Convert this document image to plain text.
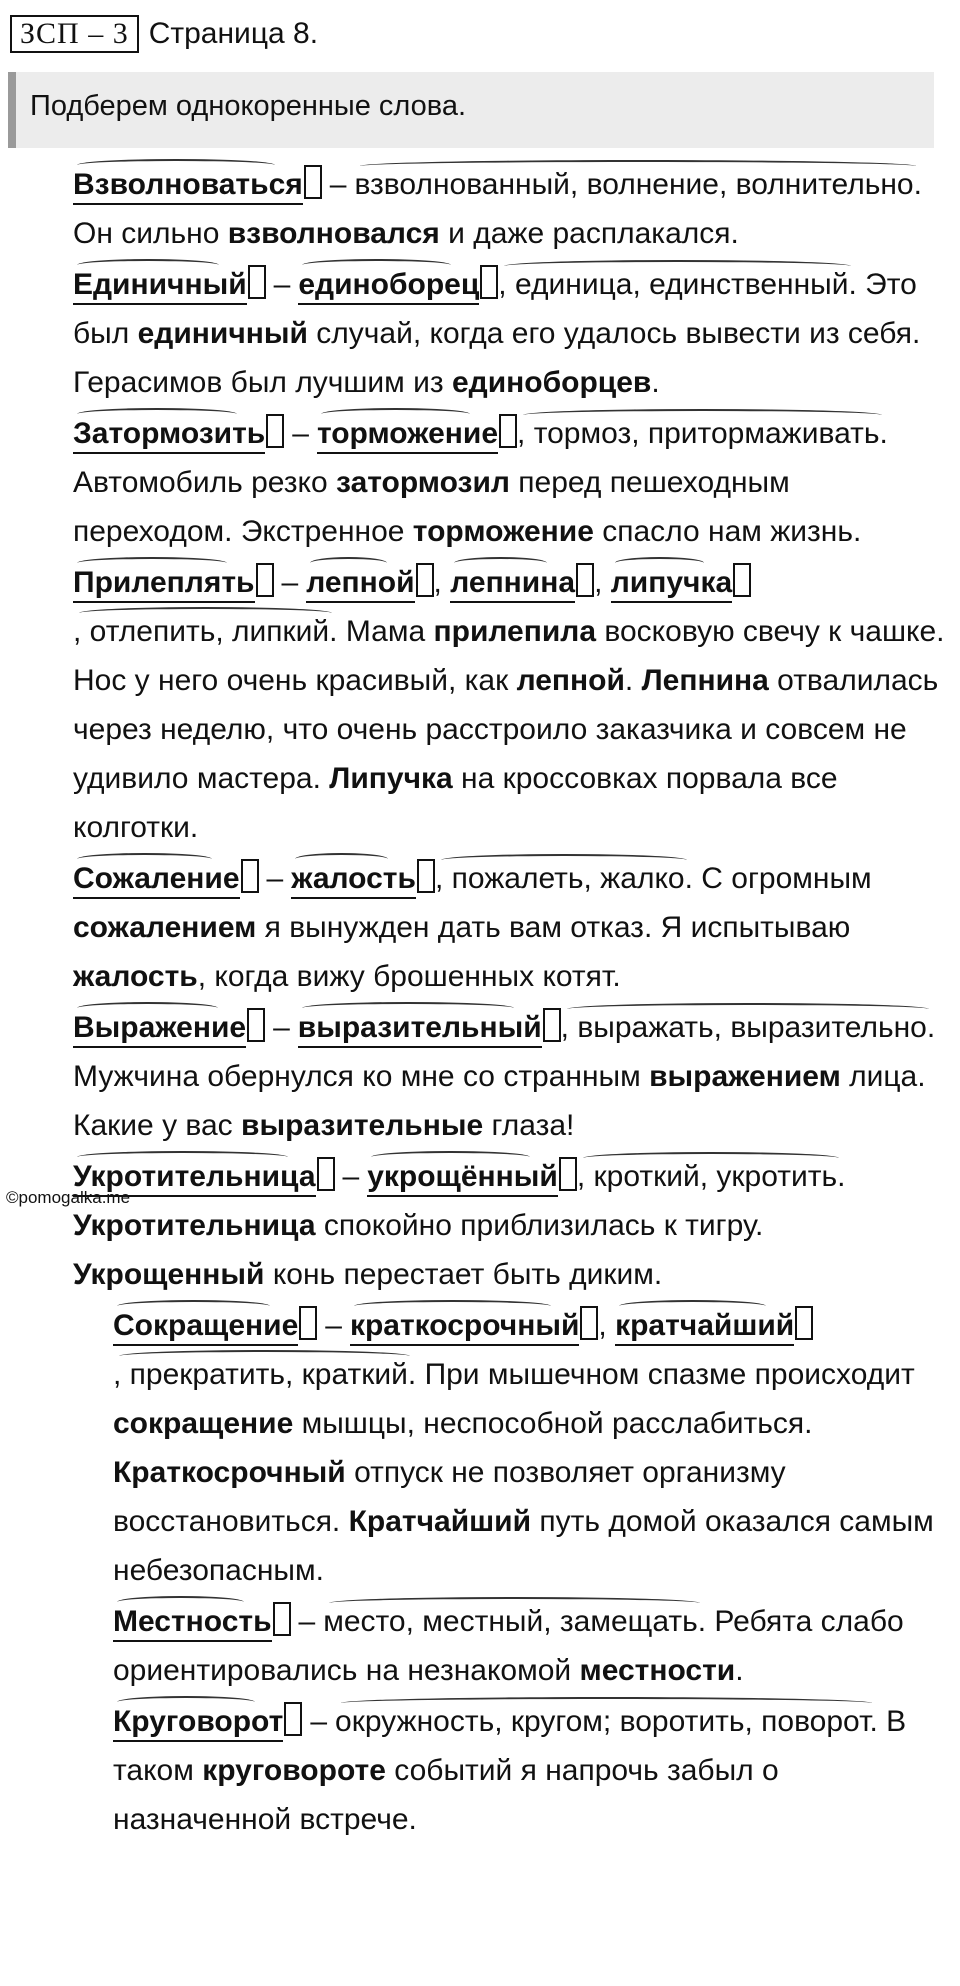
ЗСП – 3 Страница 8.
Подберем однокоренные слова.

Взволноваться – взволнованный, волнение, волнительно. Он сильно взволновался и даже расплакался.

Единичный – единоборец , единица, единственный. Это был единичный случай, когда его удалось вывести из себя. Герасимов был лучшим из единоборцев.

Затормозить – торможение , тормоз, притормаживать. Автомобиль резко затормозил перед пешеходным переходом. Экстренное торможение спасло нам жизнь.

Прилеплять – лепной , лепнина , липучка, отлепить, липкий. Мама прилепила восковую свечу к чашке. Нос у него очень красивый, как лепной. Лепнина отвалилась через неделю, что очень расстроило заказчика и совсем не удивило мастера. Липучка на кроссовках порвала все колготки.

Сожаление – жалость , пожалеть, жалко. С огромным сожалением я вынужден дать вам отказ. Я испытываю жалость, когда вижу брошенных котят.

Выражение – выразительный , выражать, выразительно. Мужчина обернулся ко мне со странным выражением лица. Какие у вас выразительные глаза!

Укротительница – укрощённый , кроткий, укротить. Укротительница спокойно приблизилась к тигру. Укрощенный конь перестает быть диким.

Сокращение – краткосрочный , кратчайший, прекратить, краткий. При мышечном спазме происходит сокращение мышцы, неспособной расслабиться. Краткосрочный отпуск не позволяет организму восстановиться. Кратчайший путь домой оказался самым небезопасным.

Местность – место, местный, замещать. Ребята слабо ориентировались на незнакомой местности.

Круговорот – окружность, кругом; воротить, поворот. В таком круговороте событий я напрочь забыл о назначенной встрече.

©pomogalka.me
